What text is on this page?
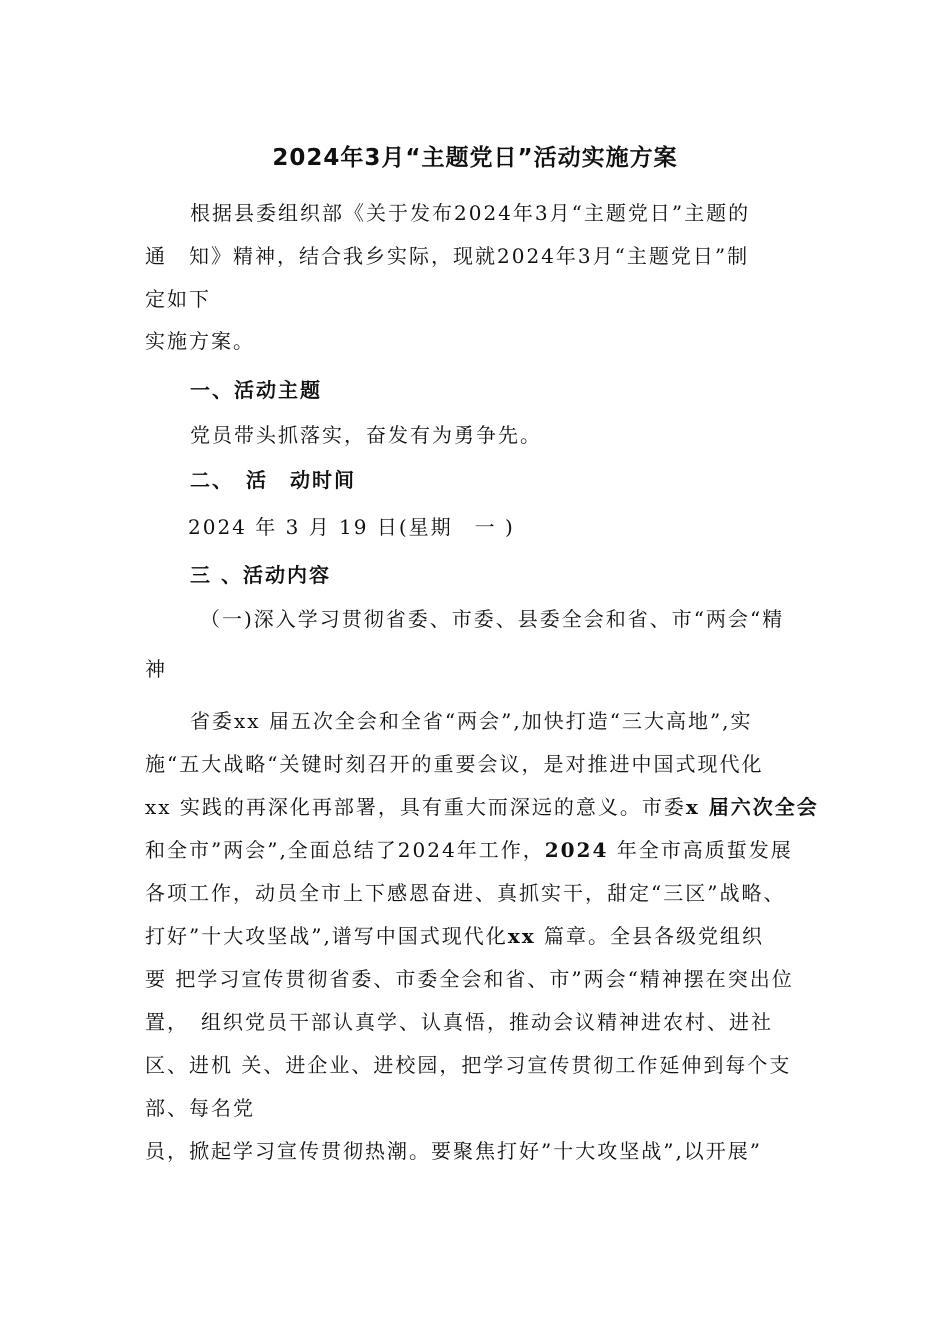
2024年3月“主题党日”活动实施方案
根据县委组织部《关于发布2024年3月“主题党日”主题的
通　知》精神，结合我乡实际，现就2024年3月“主题党日”制
定如下
实施方案。
一、活动主题
党员带头抓落实，奋发有为勇争先。
二、　活　动时间
2024 年 3 月 19 日(星期　一 )
三 、活动内容
（一)深入学习贯彻省委、市委、县委全会和省、市“两会“精
神
省委xx 届五次全会和全省“两会”,加快打造“三大高地”,实
施“五大战略“关键时刻召开的重要会议，是对推进中国式现代化
xx 实践的再深化再部署，具有重大而深远的意义。市委x 届六次全会
和全市”两会”,全面总结了2024年工作，2024 年全市高质蜇发展
各项工作，动员全市上下感恩奋进、真抓实干，甜定“三区”战略、
打好”十大攻坚战”,谱写中国式现代化xx 篇章。全县各级党组织
要 把学习宣传贯彻省委、市委全会和省、市”两会“精神摆在突出位
置，　组织党员干部认真学、认真悟，推动会议精神进农村、进社
区、进机 关、进企业、进校园，把学习宣传贯彻工作延伸到每个支
部、每名党
员，掀起学习宣传贯彻热潮。要聚焦打好”十大攻坚战”,以开展”
